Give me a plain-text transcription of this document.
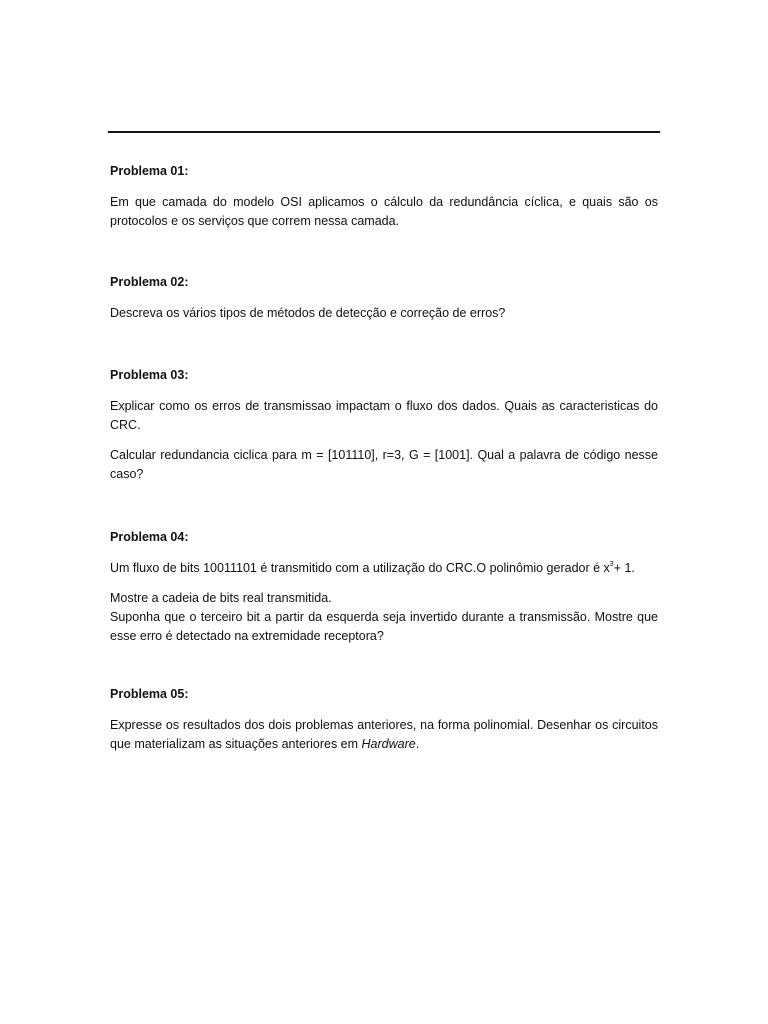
Problema 01:

Em que camada do modelo OSI aplicamos o cálculo da redundância cíclica, e quais são os protocolos e os serviços que correm nessa camada.

Problema 02:

Descreva os vários tipos de métodos de detecção e correção de erros?

Problema 03:

Explicar como os erros de transmissao impactam o fluxo dos dados. Quais as caracteristicas do CRC.

Calcular redundancia ciclica para m = [101110], r=3, G = [1001]. Qual a palavra de código nesse caso?

Problema 04:

Um fluxo de bits 10011101 é transmitido com a utilização do CRC.O polinômio gerador é $x^3+ 1$.

Mostre a cadeia de bits real transmitida.

Suponha que o terceiro bit a partir da esquerda seja invertido durante a transmissão. Mostre que esse erro é detectado na extremidade receptora?

Problema 05:

Expresse os resultados dos dois problemas anteriores, na forma polinomial. Desenhar os circuitos que materializam as situações anteriores em Hardware.
